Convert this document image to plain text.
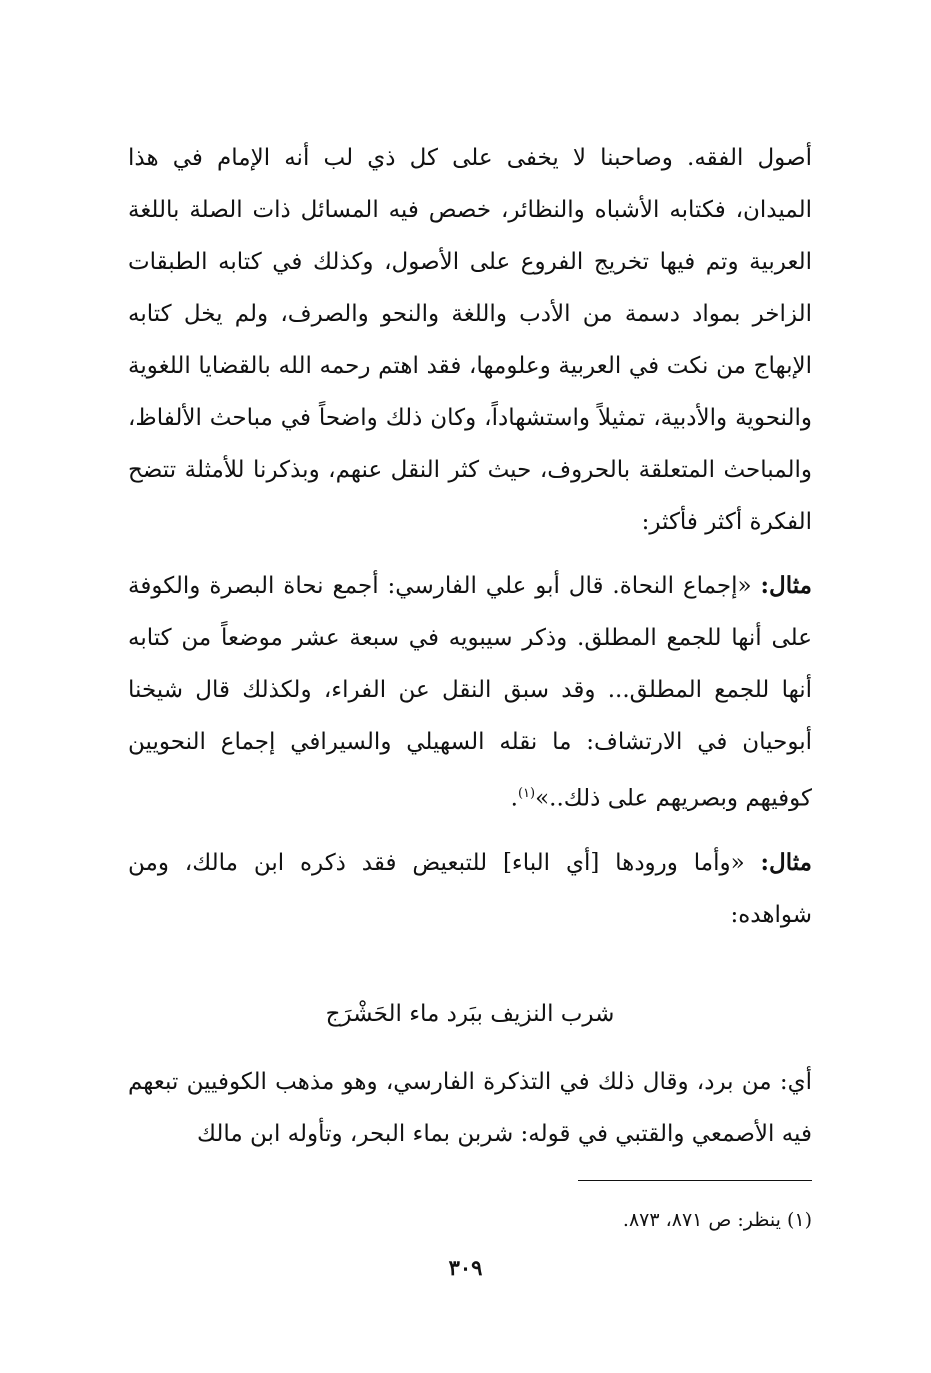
أصول الفقه. وصاحبنا لا يخفى على كل ذي لب أنه الإمام في هذا الميدان، فكتابه الأشباه والنظائر، خصص فيه المسائل ذات الصلة باللغة العربية وتم فيها تخريج الفروع على الأصول، وكذلك في كتابه الطبقات الزاخر بمواد دسمة من الأدب واللغة والنحو والصرف، ولم يخل كتابه الإبهاج من نكت في العربية وعلومها، فقد اهتم رحمه الله بالقضايا اللغوية والنحوية والأدبية، تمثيلاً واستشهاداً، وكان ذلك واضحاً في مباحث الألفاظ، والمباحث المتعلقة بالحروف، حيث كثر النقل عنهم، وبذكرنا للأمثلة تتضح الفكرة أكثر فأكثر:

مثال: «إجماع النحاة. قال أبو علي الفارسي: أجمع نحاة البصرة والكوفة على أنها للجمع المطلق. وذكر سيبويه في سبعة عشر موضعاً من كتابه أنها للجمع المطلق... وقد سبق النقل عن الفراء، ولكذلك قال شيخنا أبوحيان في الارتشاف: ما نقله السهيلي والسيرافي إجماع النحويين كوفيهم وبصريهم على ذلك..»$^{(١)}$.

مثال: «وأما ورودها [أي الباء] للتبعيض فقد ذكره ابن مالك، ومن شواهده:

شرب النزيف ببَرد ماء الحَشْرَج

أي: من برد، وقال ذلك في التذكرة الفارسي، وهو مذهب الكوفيين تبعهم فيه الأصمعي والقتبي في قوله: شربن بماء البحر، وتأوله ابن مالك

(١) ينظر: ص ٨٧١، ٨٧٣.
٣٠٩
